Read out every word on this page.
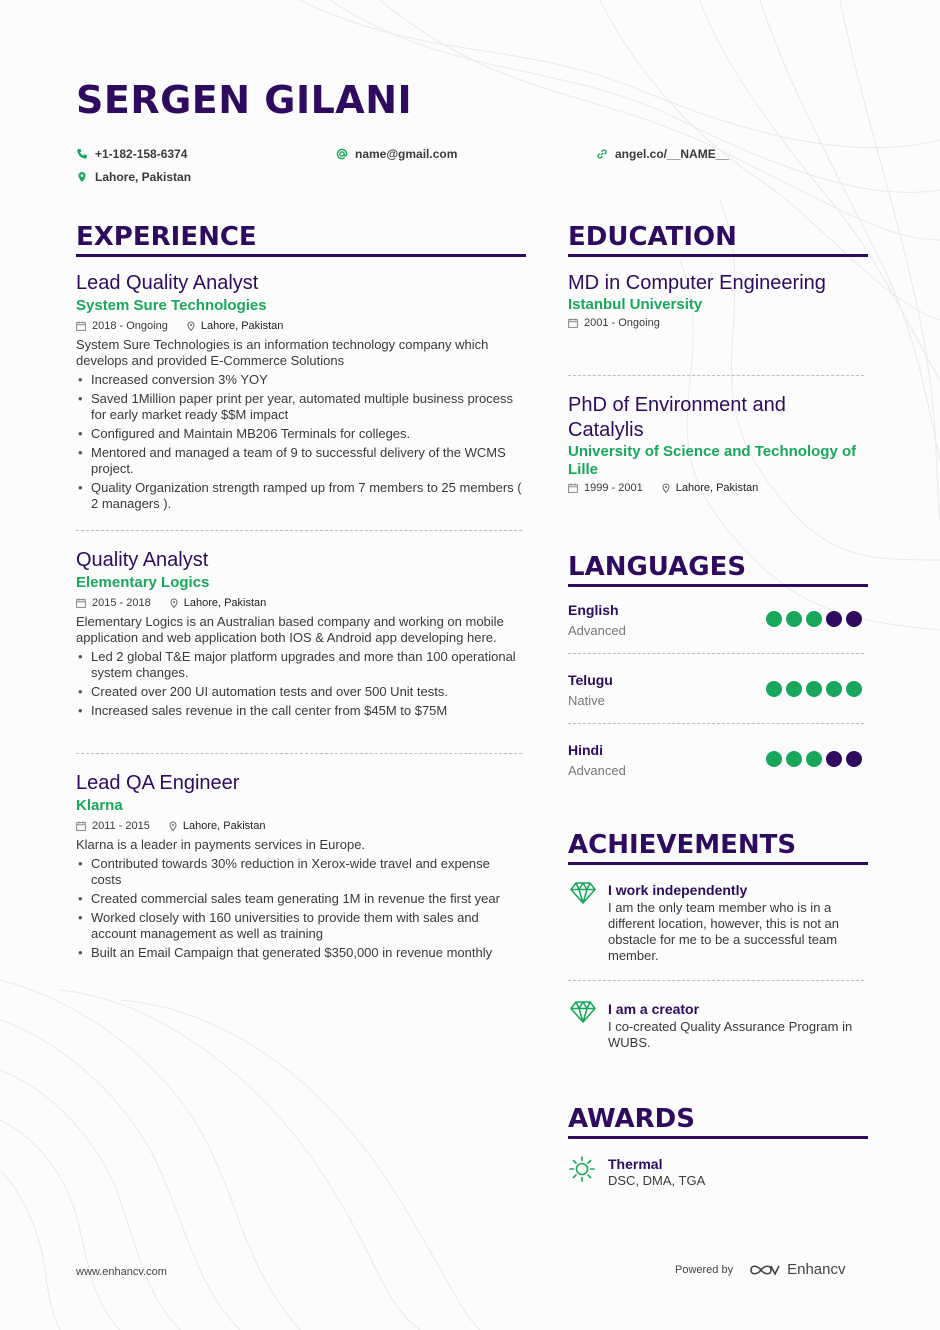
SERGEN GILANI
+1-182-158-6374	name@gmail.com	angel.co/__NAME__
Lahore, Pakistan
EXPERIENCE
Lead Quality Analyst
System Sure Technologies
2018 - Ongoing	Lahore, Pakistan
System Sure Technologies is an information technology company which develops and provided E-Commerce Solutions
• Increased conversion 3% YOY
• Saved 1Million paper print per year, automated multiple business process for early market ready $$M impact
• Configured and Maintain MB206 Terminals for colleges.
• Mentored and managed a team of 9 to successful delivery of the WCMS project.
• Quality Organization strength ramped up from 7 members to 25 members ( 2 managers ).
Quality Analyst
Elementary Logics
2015 - 2018	Lahore, Pakistan
Elementary Logics is an Australian based company and working on mobile application and web application both IOS & Android app developing here.
• Led 2 global T&E major platform upgrades and more than 100 operational system changes.
• Created over 200 UI automation tests and over 500 Unit tests.
• Increased sales revenue in the call center from $45M to $75M
Lead QA Engineer
Klarna
2011 - 2015	Lahore, Pakistan
Klarna is a leader in payments services in Europe.
• Contributed towards 30% reduction in Xerox-wide travel and expense costs
• Created commercial sales team generating 1M in revenue the first year
• Worked closely with 160 universities to provide them with sales and account management as well as training
• Built an Email Campaign that generated $350,000 in revenue monthly
EDUCATION
MD in Computer Engineering
Istanbul University
2001 - Ongoing
PhD of Environment and Catalylis
University of Science and Technology of Lille
1999 - 2001	Lahore, Pakistan
LANGUAGES
English
Advanced
Telugu
Native
Hindi
Advanced
ACHIEVEMENTS
I work independently
I am the only team member who is in a different location, however, this is not an obstacle for me to be a successful team member.
I am a creator
I co-created Quality Assurance Program in WUBS.
AWARDS
Thermal
DSC, DMA, TGA
www.enhancv.com	Powered by	Enhancv
